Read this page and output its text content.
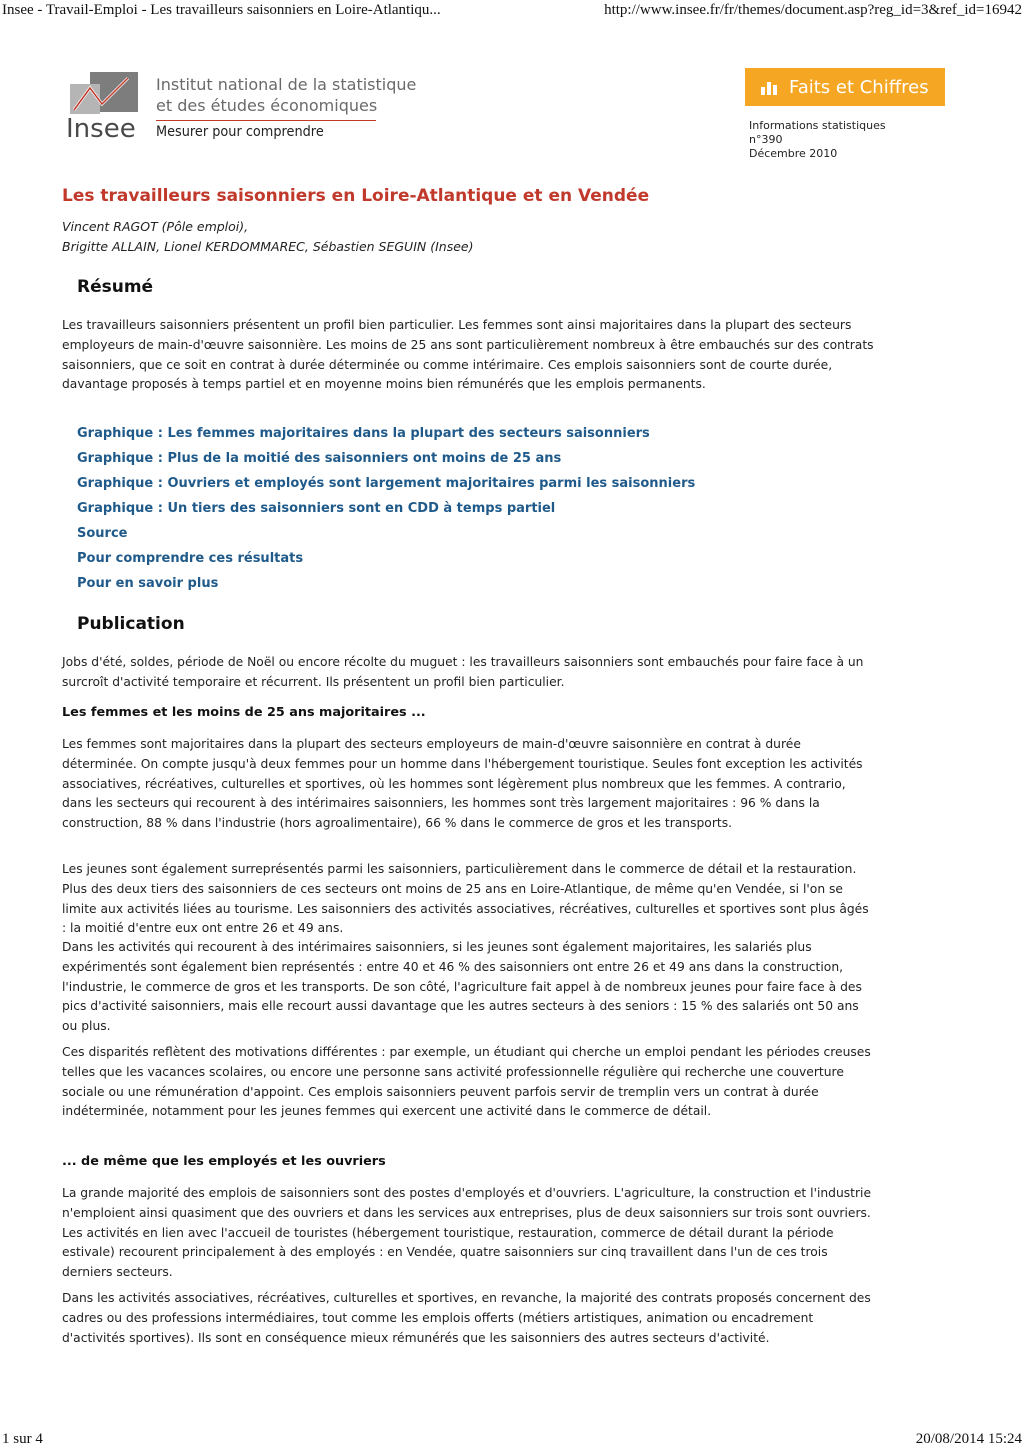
Insee - Travail-Emploi - Les travailleurs saisonniers en Loire-Atlantiqu...	http://www.insee.fr/fr/themes/document.asp?reg_id=3&ref_id=16942
Insee
Institut national de la statistique
et des études économiques
Mesurer pour comprendre
Faits et Chiffres
Informations statistiques
n°390
Décembre 2010
Les travailleurs saisonniers en Loire-Atlantique et en Vendée
Vincent RAGOT (Pôle emploi),
Brigitte ALLAIN, Lionel KERDOMMAREC, Sébastien SEGUIN (Insee)
Résumé

Les travailleurs saisonniers présentent un profil bien particulier. Les femmes sont ainsi majoritaires dans la plupart des secteurs employeurs de main-d'œuvre saisonnière. Les moins de 25 ans sont particulièrement nombreux à être embauchés sur des contrats saisonniers, que ce soit en contrat à durée déterminée ou comme intérimaire. Ces emplois saisonniers sont de courte durée, davantage proposés à temps partiel et en moyenne moins bien rémunérés que les emplois permanents.

Graphique : Les femmes majoritaires dans la plupart des secteurs saisonniers
Graphique : Plus de la moitié des saisonniers ont moins de 25 ans
Graphique : Ouvriers et employés sont largement majoritaires parmi les saisonniers
Graphique : Un tiers des saisonniers sont en CDD à temps partiel
Source
Pour comprendre ces résultats
Pour en savoir plus
Publication

Jobs d'été, soldes, période de Noël ou encore récolte du muguet : les travailleurs saisonniers sont embauchés pour faire face à un surcroît d'activité temporaire et récurrent. Ils présentent un profil bien particulier.

Les femmes et les moins de 25 ans majoritaires ...

Les femmes sont majoritaires dans la plupart des secteurs employeurs de main-d'œuvre saisonnière en contrat à durée déterminée. On compte jusqu'à deux femmes pour un homme dans l'hébergement touristique. Seules font exception les activités associatives, récréatives, culturelles et sportives, où les hommes sont légèrement plus nombreux que les femmes. A contrario, dans les secteurs qui recourent à des intérimaires saisonniers, les hommes sont très largement majoritaires : 96 % dans la construction, 88 % dans l'industrie (hors agroalimentaire), 66 % dans le commerce de gros et les transports.

Les jeunes sont également surreprésentés parmi les saisonniers, particulièrement dans le commerce de détail et la restauration. Plus des deux tiers des saisonniers de ces secteurs ont moins de 25 ans en Loire-Atlantique, de même qu'en Vendée, si l'on se limite aux activités liées au tourisme. Les saisonniers des activités associatives, récréatives, culturelles et sportives sont plus âgés : la moitié d'entre eux ont entre 26 et 49 ans.

Dans les activités qui recourent à des intérimaires saisonniers, si les jeunes sont également majoritaires, les salariés plus expérimentés sont également bien représentés : entre 40 et 46 % des saisonniers ont entre 26 et 49 ans dans la construction, l'industrie, le commerce de gros et les transports. De son côté, l'agriculture fait appel à de nombreux jeunes pour faire face à des pics d'activité saisonniers, mais elle recourt aussi davantage que les autres secteurs à des seniors : 15 % des salariés ont 50 ans ou plus.

Ces disparités reflètent des motivations différentes : par exemple, un étudiant qui cherche un emploi pendant les périodes creuses telles que les vacances scolaires, ou encore une personne sans activité professionnelle régulière qui recherche une couverture sociale ou une rémunération d'appoint. Ces emplois saisonniers peuvent parfois servir de tremplin vers un contrat à durée indéterminée, notamment pour les jeunes femmes qui exercent une activité dans le commerce de détail.

... de même que les employés et les ouvriers

La grande majorité des emplois de saisonniers sont des postes d'employés et d'ouvriers. L'agriculture, la construction et l'industrie n'emploient ainsi quasiment que des ouvriers et dans les services aux entreprises, plus de deux saisonniers sur trois sont ouvriers. Les activités en lien avec l'accueil de touristes (hébergement touristique, restauration, commerce de détail durant la période estivale) recourent principalement à des employés : en Vendée, quatre saisonniers sur cinq travaillent dans l'un de ces trois derniers secteurs.

Dans les activités associatives, récréatives, culturelles et sportives, en revanche, la majorité des contrats proposés concernent des cadres ou des professions intermédiaires, tout comme les emplois offerts (métiers artistiques, animation ou encadrement d'activités sportives). Ils sont en conséquence mieux rémunérés que les saisonniers des autres secteurs d'activité.

1 sur 4	20/08/2014 15:24
